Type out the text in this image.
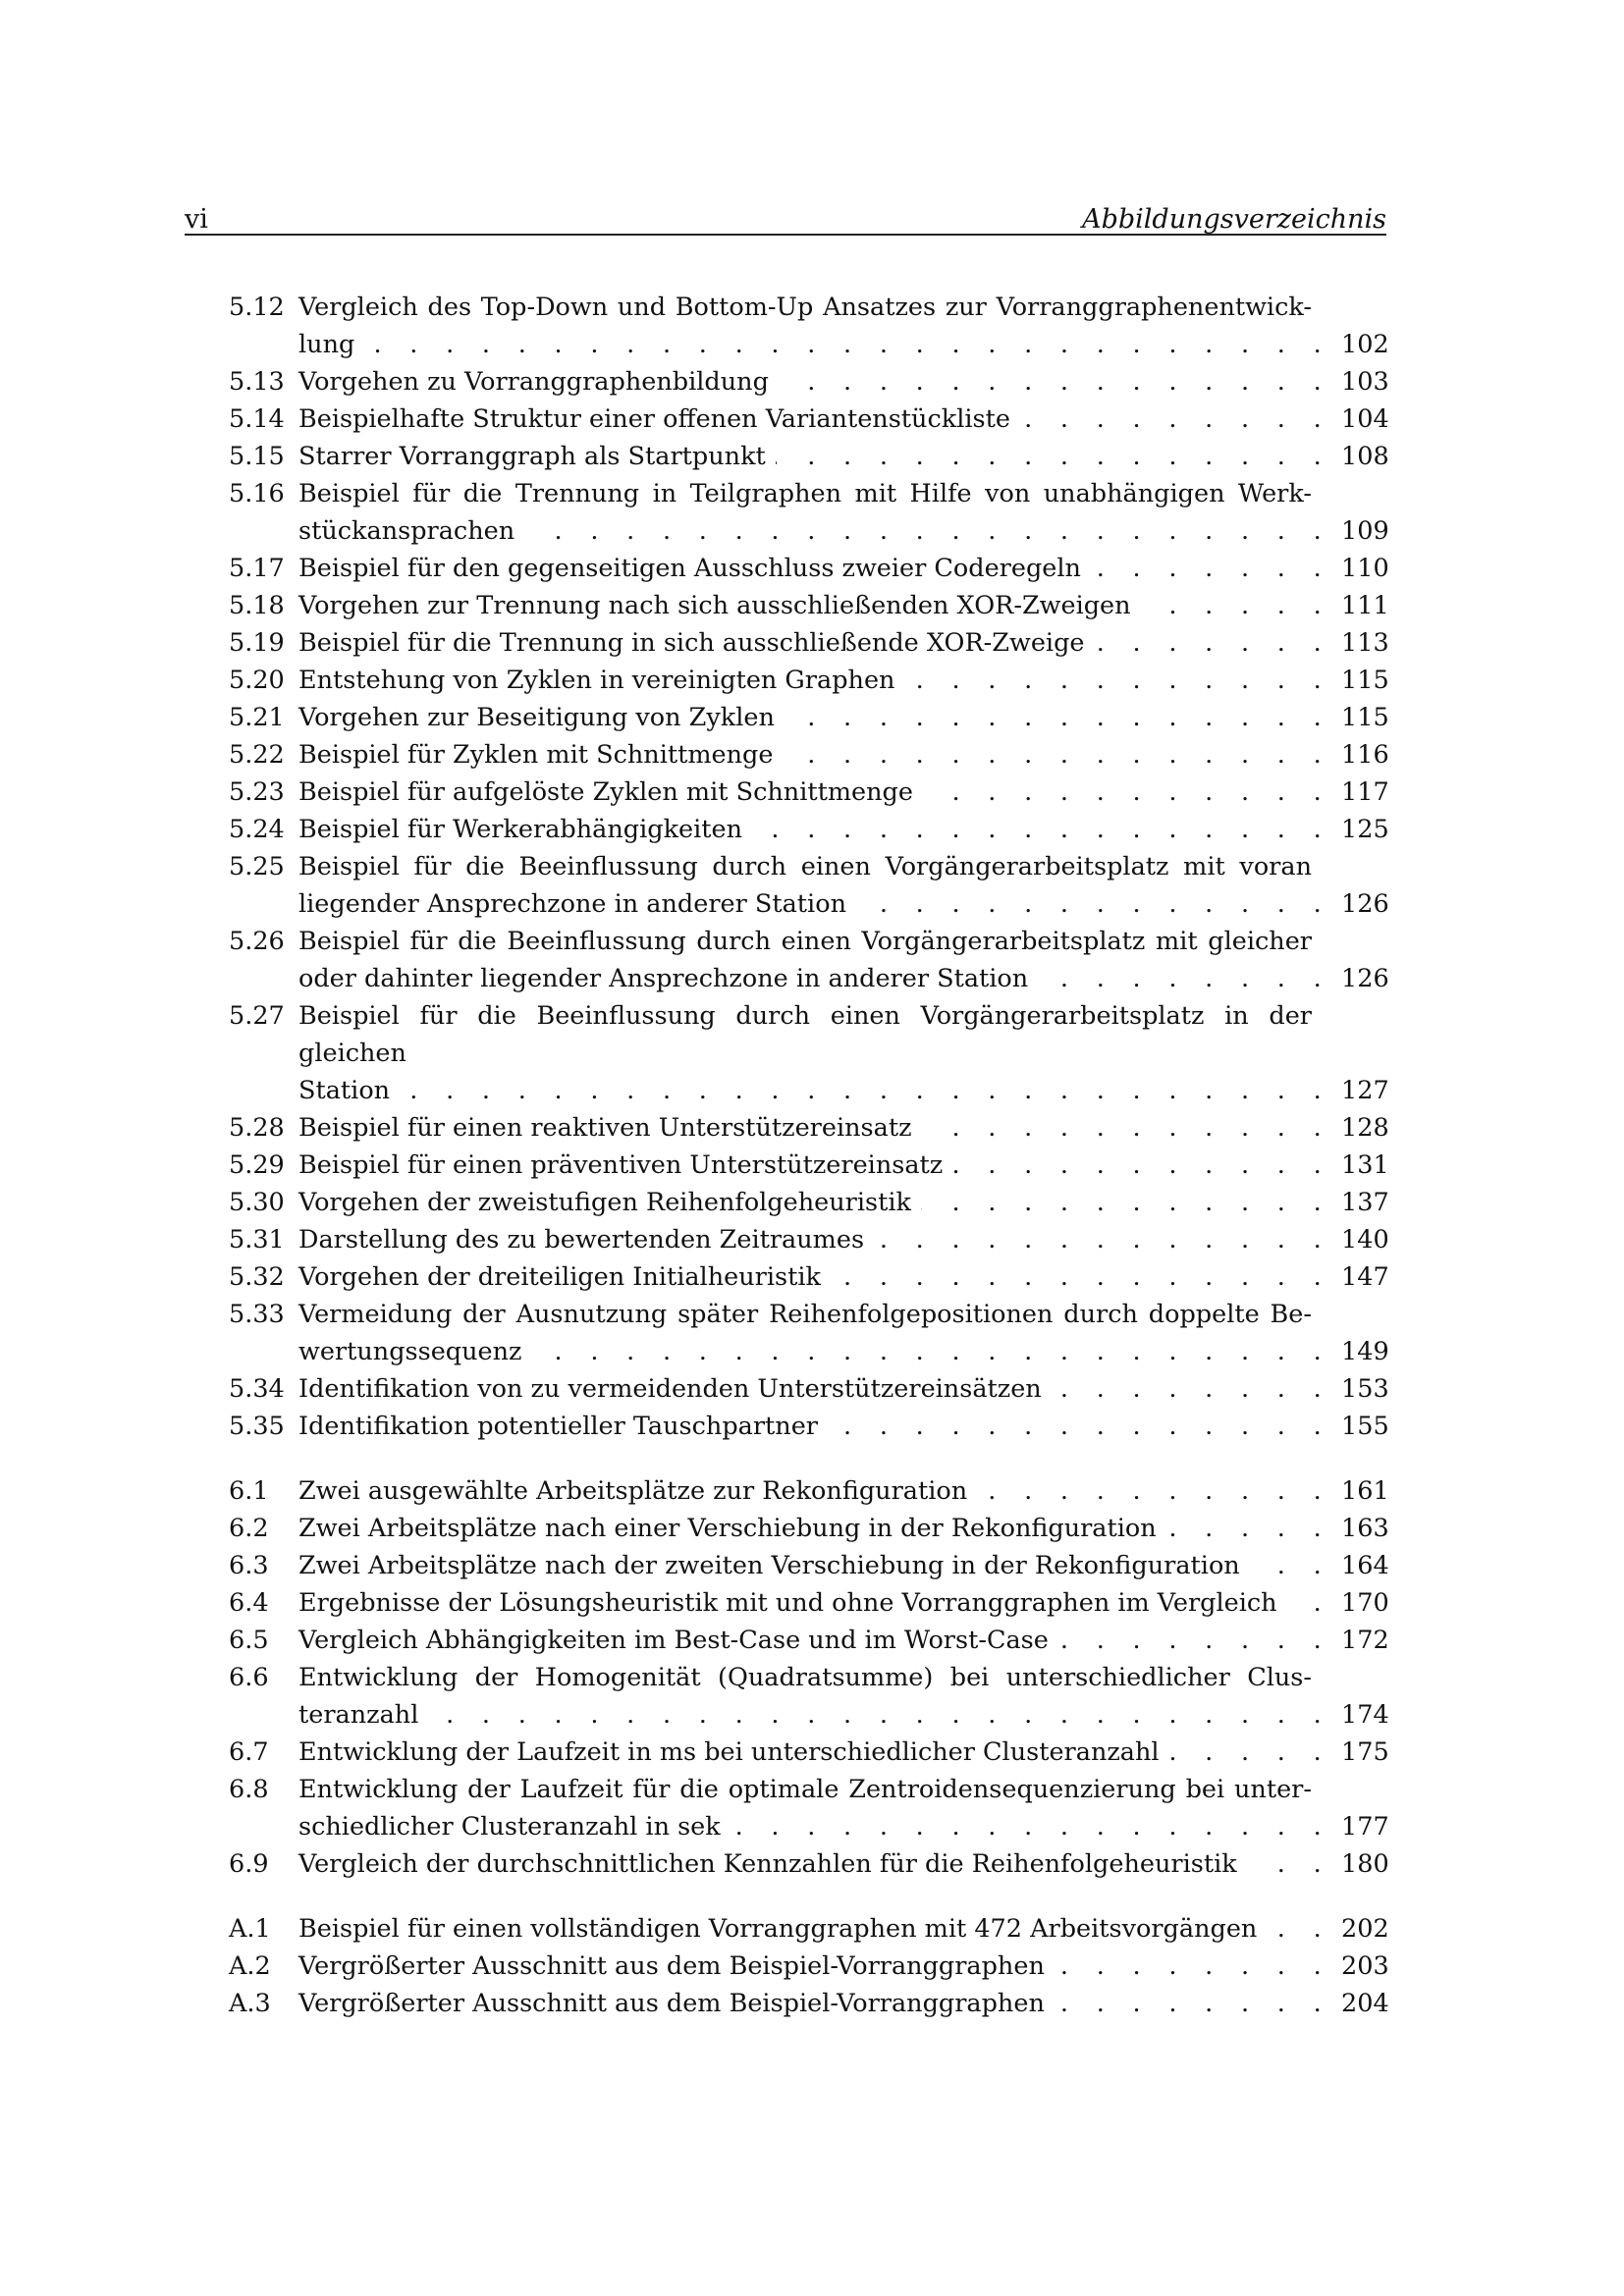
vi	Abbildungsverzeichnis
5.12 Vergleich des Top-Down und Bottom-Up Ansatzes zur Vorranggraphenentwick-
lung . . .	102
5.13 Vorgehen zu Vorranggraphenbildung . . .	103
5.14 Beispielhafte Struktur einer offenen Variantenstückliste . . .	104
5.15 Starrer Vorranggraph als Startpunkt . . .	108
5.16 Beispiel für die Trennung in Teilgraphen mit Hilfe von unabhängigen Werk-
stückansprachen . . .	109
5.17 Beispiel für den gegenseitigen Ausschluss zweier Coderegeln . . .	110
5.18 Vorgehen zur Trennung nach sich ausschließenden XOR-Zweigen . . .	111
5.19 Beispiel für die Trennung in sich ausschließende XOR-Zweige . . .	113
5.20 Entstehung von Zyklen in vereinigten Graphen . . .	115
5.21 Vorgehen zur Beseitigung von Zyklen . . .	115
5.22 Beispiel für Zyklen mit Schnittmenge . . .	116
5.23 Beispiel für aufgelöste Zyklen mit Schnittmenge . . .	117
5.24 Beispiel für Werkerabhängigkeiten . . .	125
5.25 Beispiel für die Beeinflussung durch einen Vorgängerarbeitsplatz mit voran
liegender Ansprechzone in anderer Station . . .	126
5.26 Beispiel für die Beeinflussung durch einen Vorgängerarbeitsplatz mit gleicher
oder dahinter liegender Ansprechzone in anderer Station . . .	126
5.27 Beispiel für die Beeinflussung durch einen Vorgängerarbeitsplatz in der gleichen
Station . . .	127
5.28 Beispiel für einen reaktiven Unterstützereinsatz . . .	128
5.29 Beispiel für einen präventiven Unterstützereinsatz . . .	131
5.30 Vorgehen der zweistufigen Reihenfolgeheuristik . . .	137
5.31 Darstellung des zu bewertenden Zeitraumes . . .	140
5.32 Vorgehen der dreiteiligen Initialheuristik . . .	147
5.33 Vermeidung der Ausnutzung später Reihenfolgepositionen durch doppelte Be-
wertungssequenz . . .	149
5.34 Identifikation von zu vermeidenden Unterstützereinsätzen . . .	153
5.35 Identifikation potentieller Tauschpartner . . .	155
6.1	Zwei ausgewählte Arbeitsplätze zur Rekonfiguration . . .	161
6.2	Zwei Arbeitsplätze nach einer Verschiebung in der Rekonfiguration . . .	163
6.3	Zwei Arbeitsplätze nach der zweiten Verschiebung in der Rekonfiguration . . .	164
6.4	Ergebnisse der Lösungsheuristik mit und ohne Vorranggraphen im Vergleich . . .	170
6.5	Vergleich Abhängigkeiten im Best-Case und im Worst-Case . . .	172
6.6	Entwicklung der Homogenität (Quadratsumme) bei unterschiedlicher Clus-
teranzahl . . .	174
6.7	Entwicklung der Laufzeit in ms bei unterschiedlicher Clusteranzahl . . .	175
6.8	Entwicklung der Laufzeit für die optimale Zentroidensequenzierung bei unter-
schiedlicher Clusteranzahl in sek . . .	177
6.9	Vergleich der durchschnittlichen Kennzahlen für die Reihenfolgeheuristik . . .	180
A.1	Beispiel für einen vollständigen Vorranggraphen mit 472 Arbeitsvorgängen . . .	202
A.2	Vergrößerter Ausschnitt aus dem Beispiel-Vorranggraphen . . .	203
A.3	Vergrößerter Ausschnitt aus dem Beispiel-Vorranggraphen . . .	204
